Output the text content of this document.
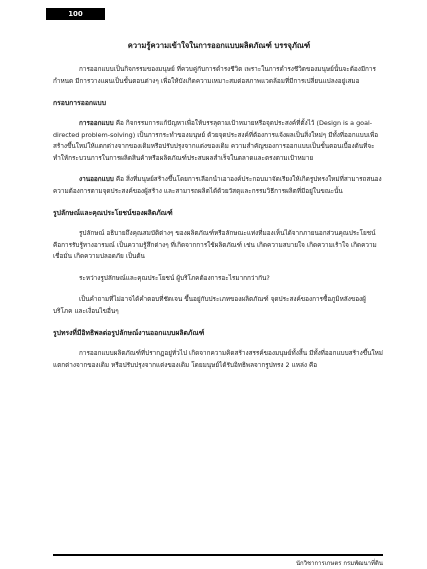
100
ความรู้ความเข้าใจในการออกแบบผลิตภัณฑ์ บรรจุภัณฑ์

การออกแบบเป็นกิจกรรมของมนุษย์ ที่ควบคู่กับการดำรงชีวิต เพราะในการดำรงชีวิตของมนุษย์นั้นจะต้องมีการกำหนด มีการวางแผนเป็นขั้นตอนต่างๆ เพื่อให้บังเกิดความเหมาะสมต่อสภาพแวดล้อมที่มีการเปลี่ยนแปลงอยู่เสมอ

กรอบการออกแบบ

การออกแบบ คือ กิจกรรมการแก้ปัญหาเพื่อให้บรรลุตามเป้าหมายหรือจุดประสงค์ที่ตั้งไว้ (Design is a goal-directed problem-solving) เป็นการกระทำของมนุษย์ ด้วยจุดประสงค์ที่ต้องการแจ้งผลเป็นสิ่งใหม่ๆ มีทั้งที่ออกแบบเพื่อสร้างขึ้นใหม่ให้แตกต่างจากของเดิมหรือปรับปรุงจากแต่งของเดิม ความสำคัญของการออกแบบเป็นขั้นตอนเบื้องต้นที่จะทำให้กระบวนการในการผลิตสินค้าหรือผลิตภัณฑ์ประสบผลสำเร็จในตลาดและตรงตามเป้าหมาย

งานออกแบบ คือ สิ่งที่มนุษย์สร้างขึ้นโดยการเลือกนำเอาองค์ประกอบมาจัดเรียงให้เกิดรูปทรงใหม่ที่สามารถสนองความต้องการตามจุดประสงค์ของผู้สร้าง และสามารถผลิตได้ด้วยวัสดุและกรรมวิธีการผลิตที่มีอยู่ในขณะนั้น

รูปลักษณ์และคุณประโยชน์ของผลิตภัณฑ์

รูปลักษณ์ อธิบายถึงคุณสมบัติต่างๆ ของผลิตภัณฑ์หรือลักษณะแท่งที่มองเห็นได้จากภายนอกส่วนคุณประโยชน์ คือการรับรู้ทางอารมณ์ เป็นความรู้สึกต่างๆ ที่เกิดจากการใช้ผลิตภัณฑ์ เช่น เกิดความสบายใจ เกิดความเร้าใจ เกิดความเชื่อมั่น เกิดความปลอดภัย เป็นต้น

ระหว่างรูปลักษณ์และคุณประโยชน์ ผู้บริโภคต้องการอะไรมากกว่ากัน?

เป็นคำถามที่ไม่อาจได้คำตอบที่ชัดเจน ขึ้นอยู่กับประเภทของผลิตภัณฑ์ จุดประสงค์ของการซื้อภูมิหลังของผู้บริโภค และเงื่อนไขอื่นๆ

รูปทรงที่มีอิทธิพลต่อรูปลักษณ์งานออกแบบผลิตภัณฑ์

การออกแบบผลิตภัณฑ์ที่ปรากฏอยู่ทั่วไป เกิดจากความคิดสร้างสรรค์ของมนุษย์ทั้งสิ้น มีทั้งที่ออกแบบสร้างขึ้นใหม่ แตกต่างจากของเดิม หรือปรับปรุงจากแต่งของเดิม โดยมนุษย์ได้รับอิทธิพลจากรูปทรง 2 แหล่ง คือ

นักวิชาการเกษตร กรมพัฒนาที่ดิน
